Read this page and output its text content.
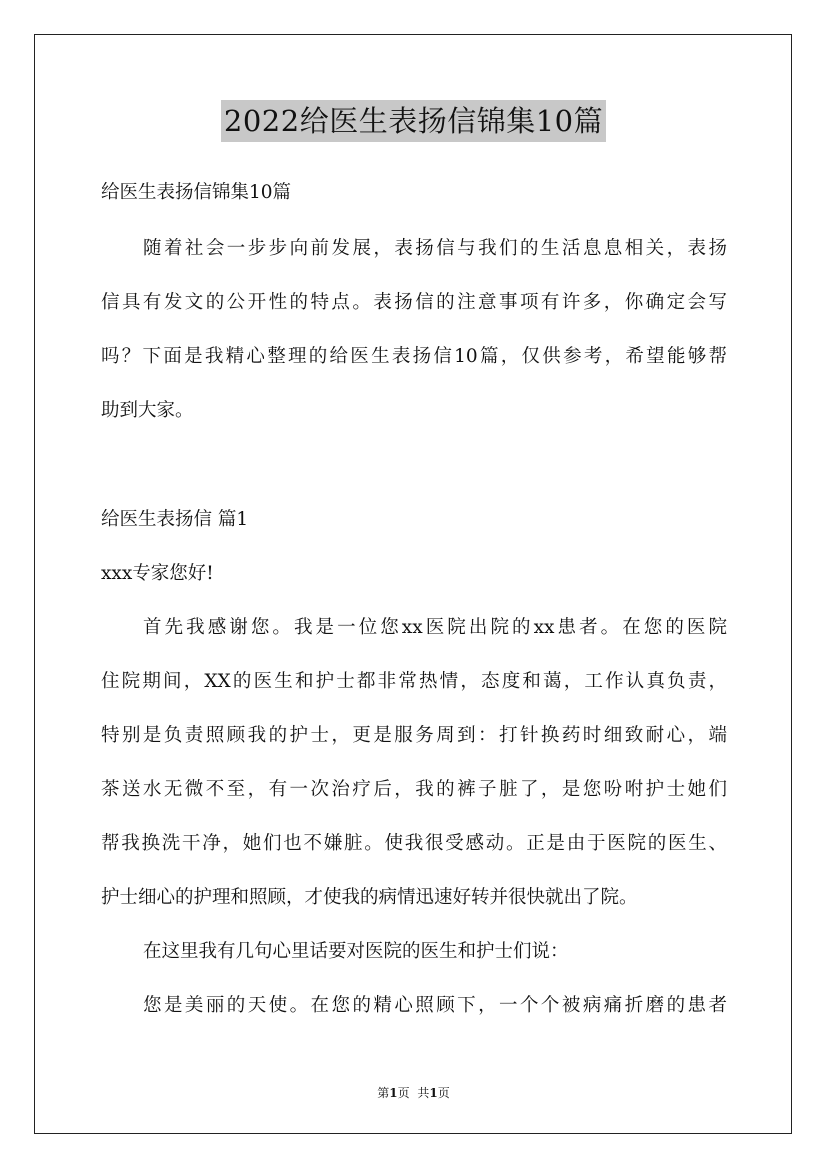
2022给医生表扬信锦集10篇
给医生表扬信锦集10篇
随着社会一步步向前发展，表扬信与我们的生活息息相关，表扬
信具有发文的公开性的特点。表扬信的注意事项有许多，你确定会写
吗？下面是我精心整理的给医生表扬信10篇，仅供参考，希望能够帮
助到大家。
给医生表扬信 篇1
xxx专家您好!
首先我感谢您。我是一位您xx医院出院的xx患者。在您的医院
住院期间，XX的医生和护士都非常热情，态度和蔼，工作认真负责，
特别是负责照顾我的护士，更是服务周到：打针换药时细致耐心，端
茶送水无微不至，有一次治疗后，我的裤子脏了，是您吩咐护士她们
帮我换洗干净，她们也不嫌脏。使我很受感动。正是由于医院的医生、
护士细心的护理和照顾，才使我的病情迅速好转并很快就出了院。
在这里我有几句心里话要对医院的医生和护士们说：
您是美丽的天使。在您的精心照顾下，一个个被病痛折磨的患者
第1页 共1页
